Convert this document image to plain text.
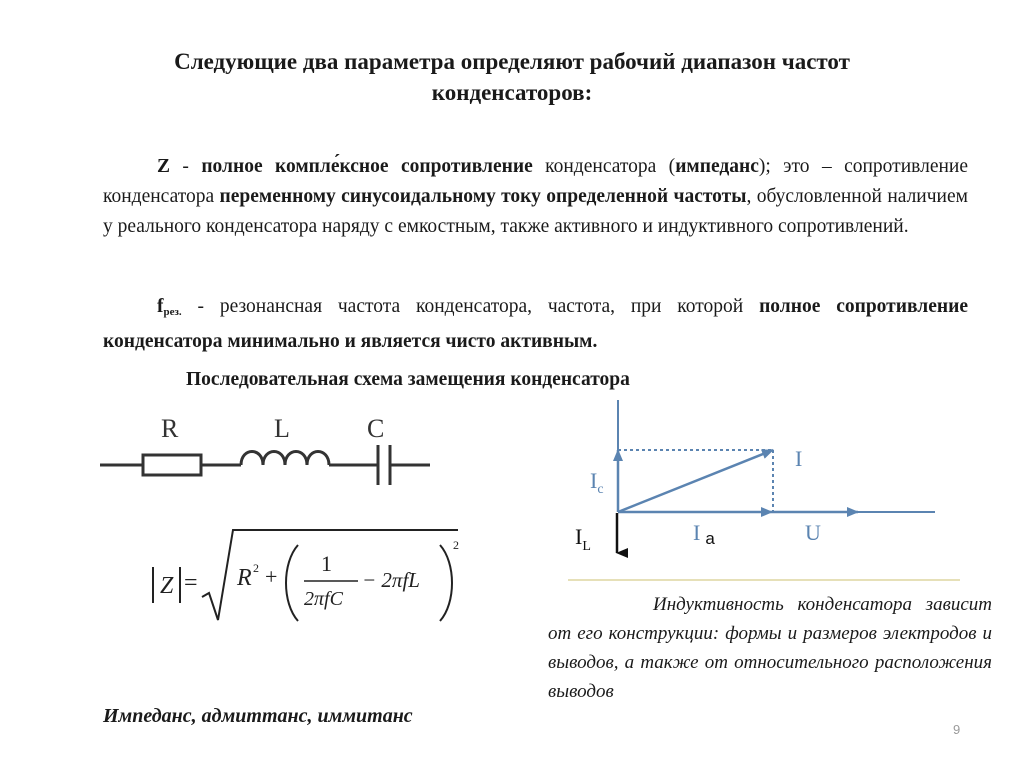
Следующие два параметра определяют рабочий диапазон частот
конденсаторов:
Z - полное компле́ксное сопротивление конденсатора (импеданс); это – сопротивление конденсатора переменному синусоидальному току определенной частоты, обусловленной наличием у реального конденсатора наряду с емкостным, также активного и индуктивного сопротивлений.
$f_{рез.}$ - резонансная частота конденсатора, частота, при которой полное сопротивление конденсатора минимально и является чисто активным.
Последовательная схема замещения конденсатора
R	L	C
Z = R 2 +
1
2πfC
− 2πfL
2
$I_c$
I
$I_L$
I a	U
Индуктивность конденсатора зависит от его конструкции: формы и размеров электродов и выводов, а также от относительного расположения выводов
Импеданс, адмиттанс, иммитанс
9
